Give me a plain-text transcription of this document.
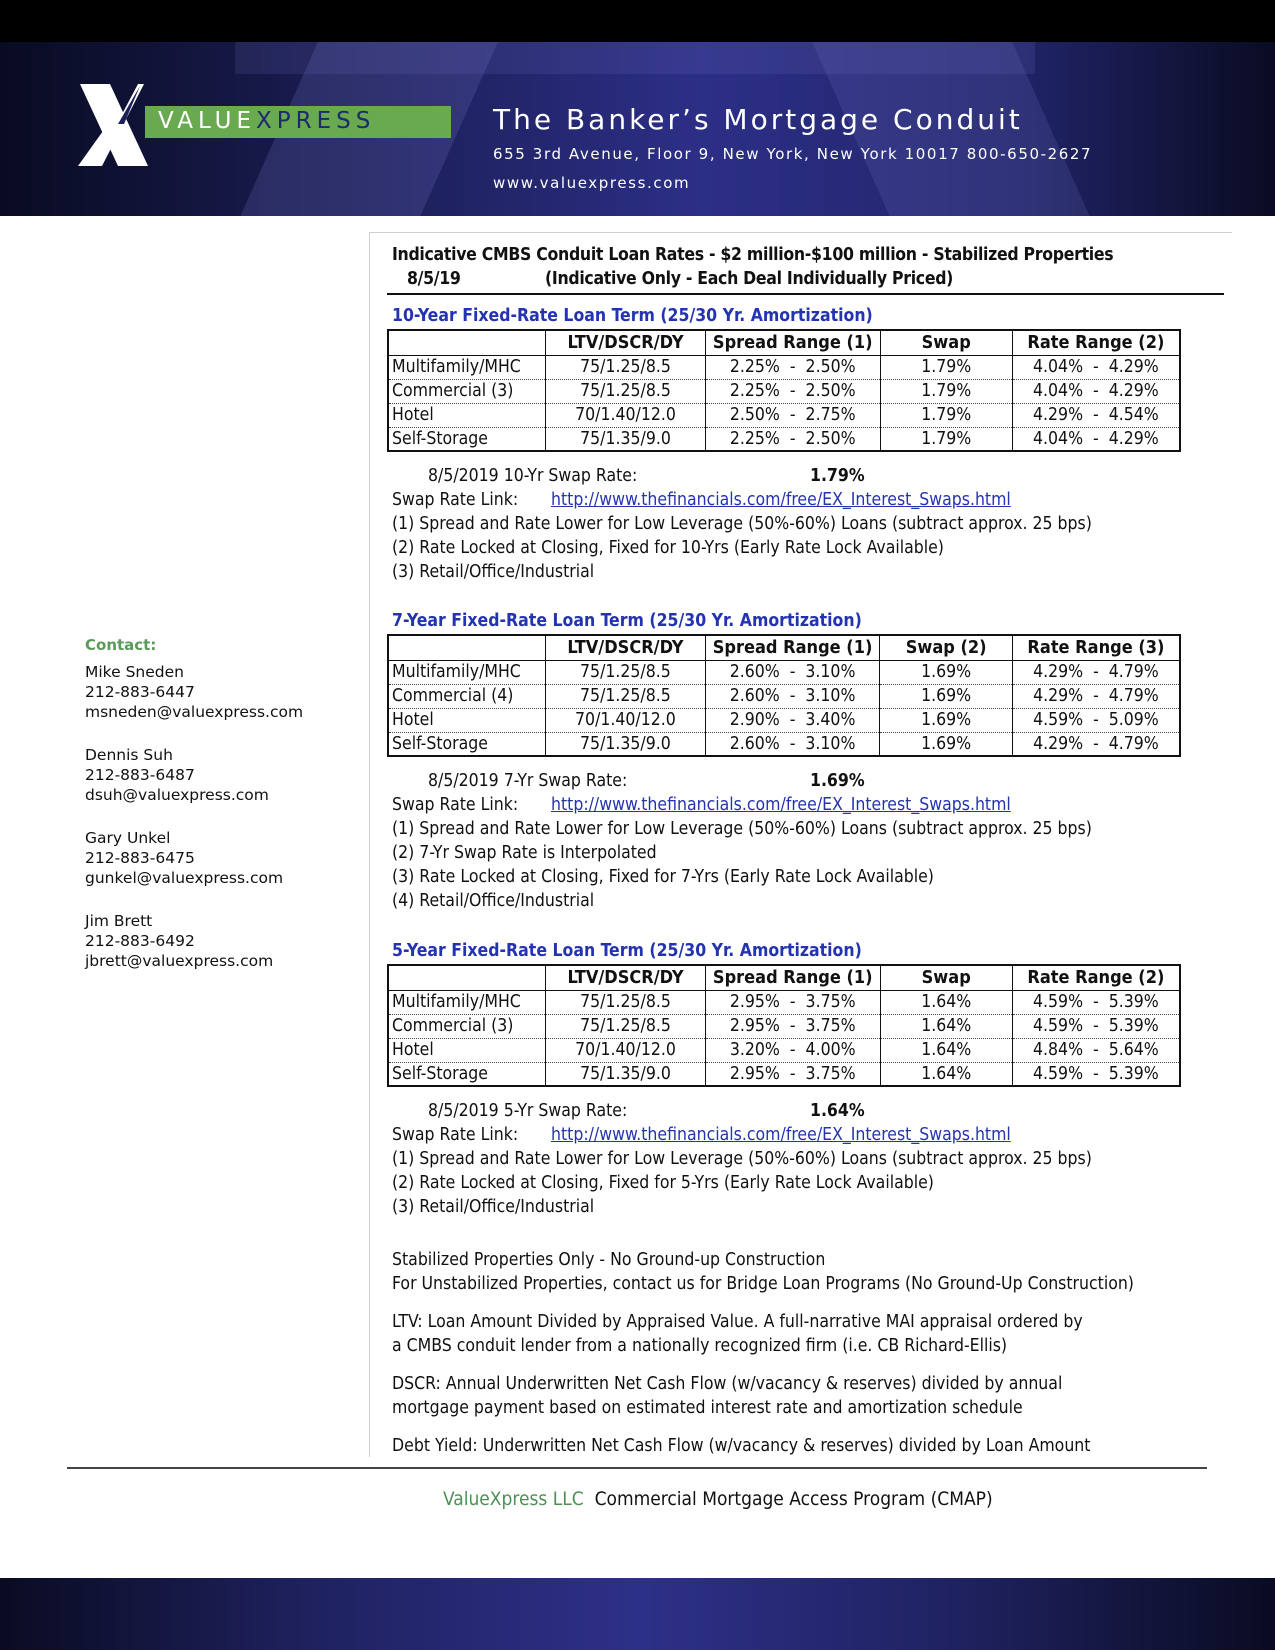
VALUEXPRESS	The Banker’s Mortgage Conduit
655 3rd Avenue, Floor 9, New York, New York 10017 800-650-2627
www.valuexpress.com
Contact:
Mike Sneden
212-883-6447
msneden@valuexpress.com
Dennis Suh
212-883-6487
dsuh@valuexpress.com
Gary Unkel
212-883-6475
gunkel@valuexpress.com
Jim Brett
212-883-6492
jbrett@valuexpress.com
Indicative CMBS Conduit Loan Rates - $2 million-$100 million - Stabilized Properties
8/5/19	(Indicative Only - Each Deal Individually Priced)
10-Year Fixed-Rate Loan Term (25/30 Yr. Amortization)
	LTV/DSCR/DY	Spread Range (1)	Swap	Rate Range (2)
Multifamily/MHC	75/1.25/8.5	2.25%  -  2.50%	1.79%	4.04%  -  4.29%
Commercial (3)	75/1.25/8.5	2.25%  -  2.50%	1.79%	4.04%  -  4.29%
Hotel	70/1.40/12.0	2.50%  -  2.75%	1.79%	4.29%  -  4.54%
Self-Storage	75/1.35/9.0	2.25%  -  2.50%	1.79%	4.04%  -  4.29%
8/5/2019 10-Yr Swap Rate:	1.79%
Swap Rate Link: http://www.thefinancials.com/free/EX_Interest_Swaps.html
(1) Spread and Rate Lower for Low Leverage (50%-60%) Loans (subtract approx. 25 bps)
(2) Rate Locked at Closing, Fixed for 10-Yrs (Early Rate Lock Available)
(3) Retail/Office/Industrial
7-Year Fixed-Rate Loan Term (25/30 Yr. Amortization)
	LTV/DSCR/DY	Spread Range (1)	Swap (2)	Rate Range (3)
Multifamily/MHC	75/1.25/8.5	2.60%  -  3.10%	1.69%	4.29%  -  4.79%
Commercial (4)	75/1.25/8.5	2.60%  -  3.10%	1.69%	4.29%  -  4.79%
Hotel	70/1.40/12.0	2.90%  -  3.40%	1.69%	4.59%  -  5.09%
Self-Storage	75/1.35/9.0	2.60%  -  3.10%	1.69%	4.29%  -  4.79%
8/5/2019 7-Yr Swap Rate:	1.69%
Swap Rate Link: http://www.thefinancials.com/free/EX_Interest_Swaps.html
(1) Spread and Rate Lower for Low Leverage (50%-60%) Loans (subtract approx. 25 bps)
(2) 7-Yr Swap Rate is Interpolated
(3) Rate Locked at Closing, Fixed for 7-Yrs (Early Rate Lock Available)
(4) Retail/Office/Industrial
5-Year Fixed-Rate Loan Term (25/30 Yr. Amortization)
	LTV/DSCR/DY	Spread Range (1)	Swap	Rate Range (2)
Multifamily/MHC	75/1.25/8.5	2.95%  -  3.75%	1.64%	4.59%  -  5.39%
Commercial (3)	75/1.25/8.5	2.95%  -  3.75%	1.64%	4.59%  -  5.39%
Hotel	70/1.40/12.0	3.20%  -  4.00%	1.64%	4.84%  -  5.64%
Self-Storage	75/1.35/9.0	2.95%  -  3.75%	1.64%	4.59%  -  5.39%
8/5/2019 5-Yr Swap Rate:	1.64%
Swap Rate Link: http://www.thefinancials.com/free/EX_Interest_Swaps.html
(1) Spread and Rate Lower for Low Leverage (50%-60%) Loans (subtract approx. 25 bps)
(2) Rate Locked at Closing, Fixed for 5-Yrs (Early Rate Lock Available)
(3) Retail/Office/Industrial

Stabilized Properties Only - No Ground-up Construction
For Unstabilized Properties, contact us for Bridge Loan Programs (No Ground-Up Construction)

LTV: Loan Amount Divided by Appraised Value. A full-narrative MAI appraisal ordered by
a CMBS conduit lender from a nationally recognized firm (i.e. CB Richard-Ellis)

DSCR: Annual Underwritten Net Cash Flow (w/vacancy & reserves) divided by annual
mortgage payment based on estimated interest rate and amortization schedule

Debt Yield: Underwritten Net Cash Flow (w/vacancy & reserves) divided by Loan Amount

ValueXpress LLC Commercial Mortgage Access Program (CMAP)
